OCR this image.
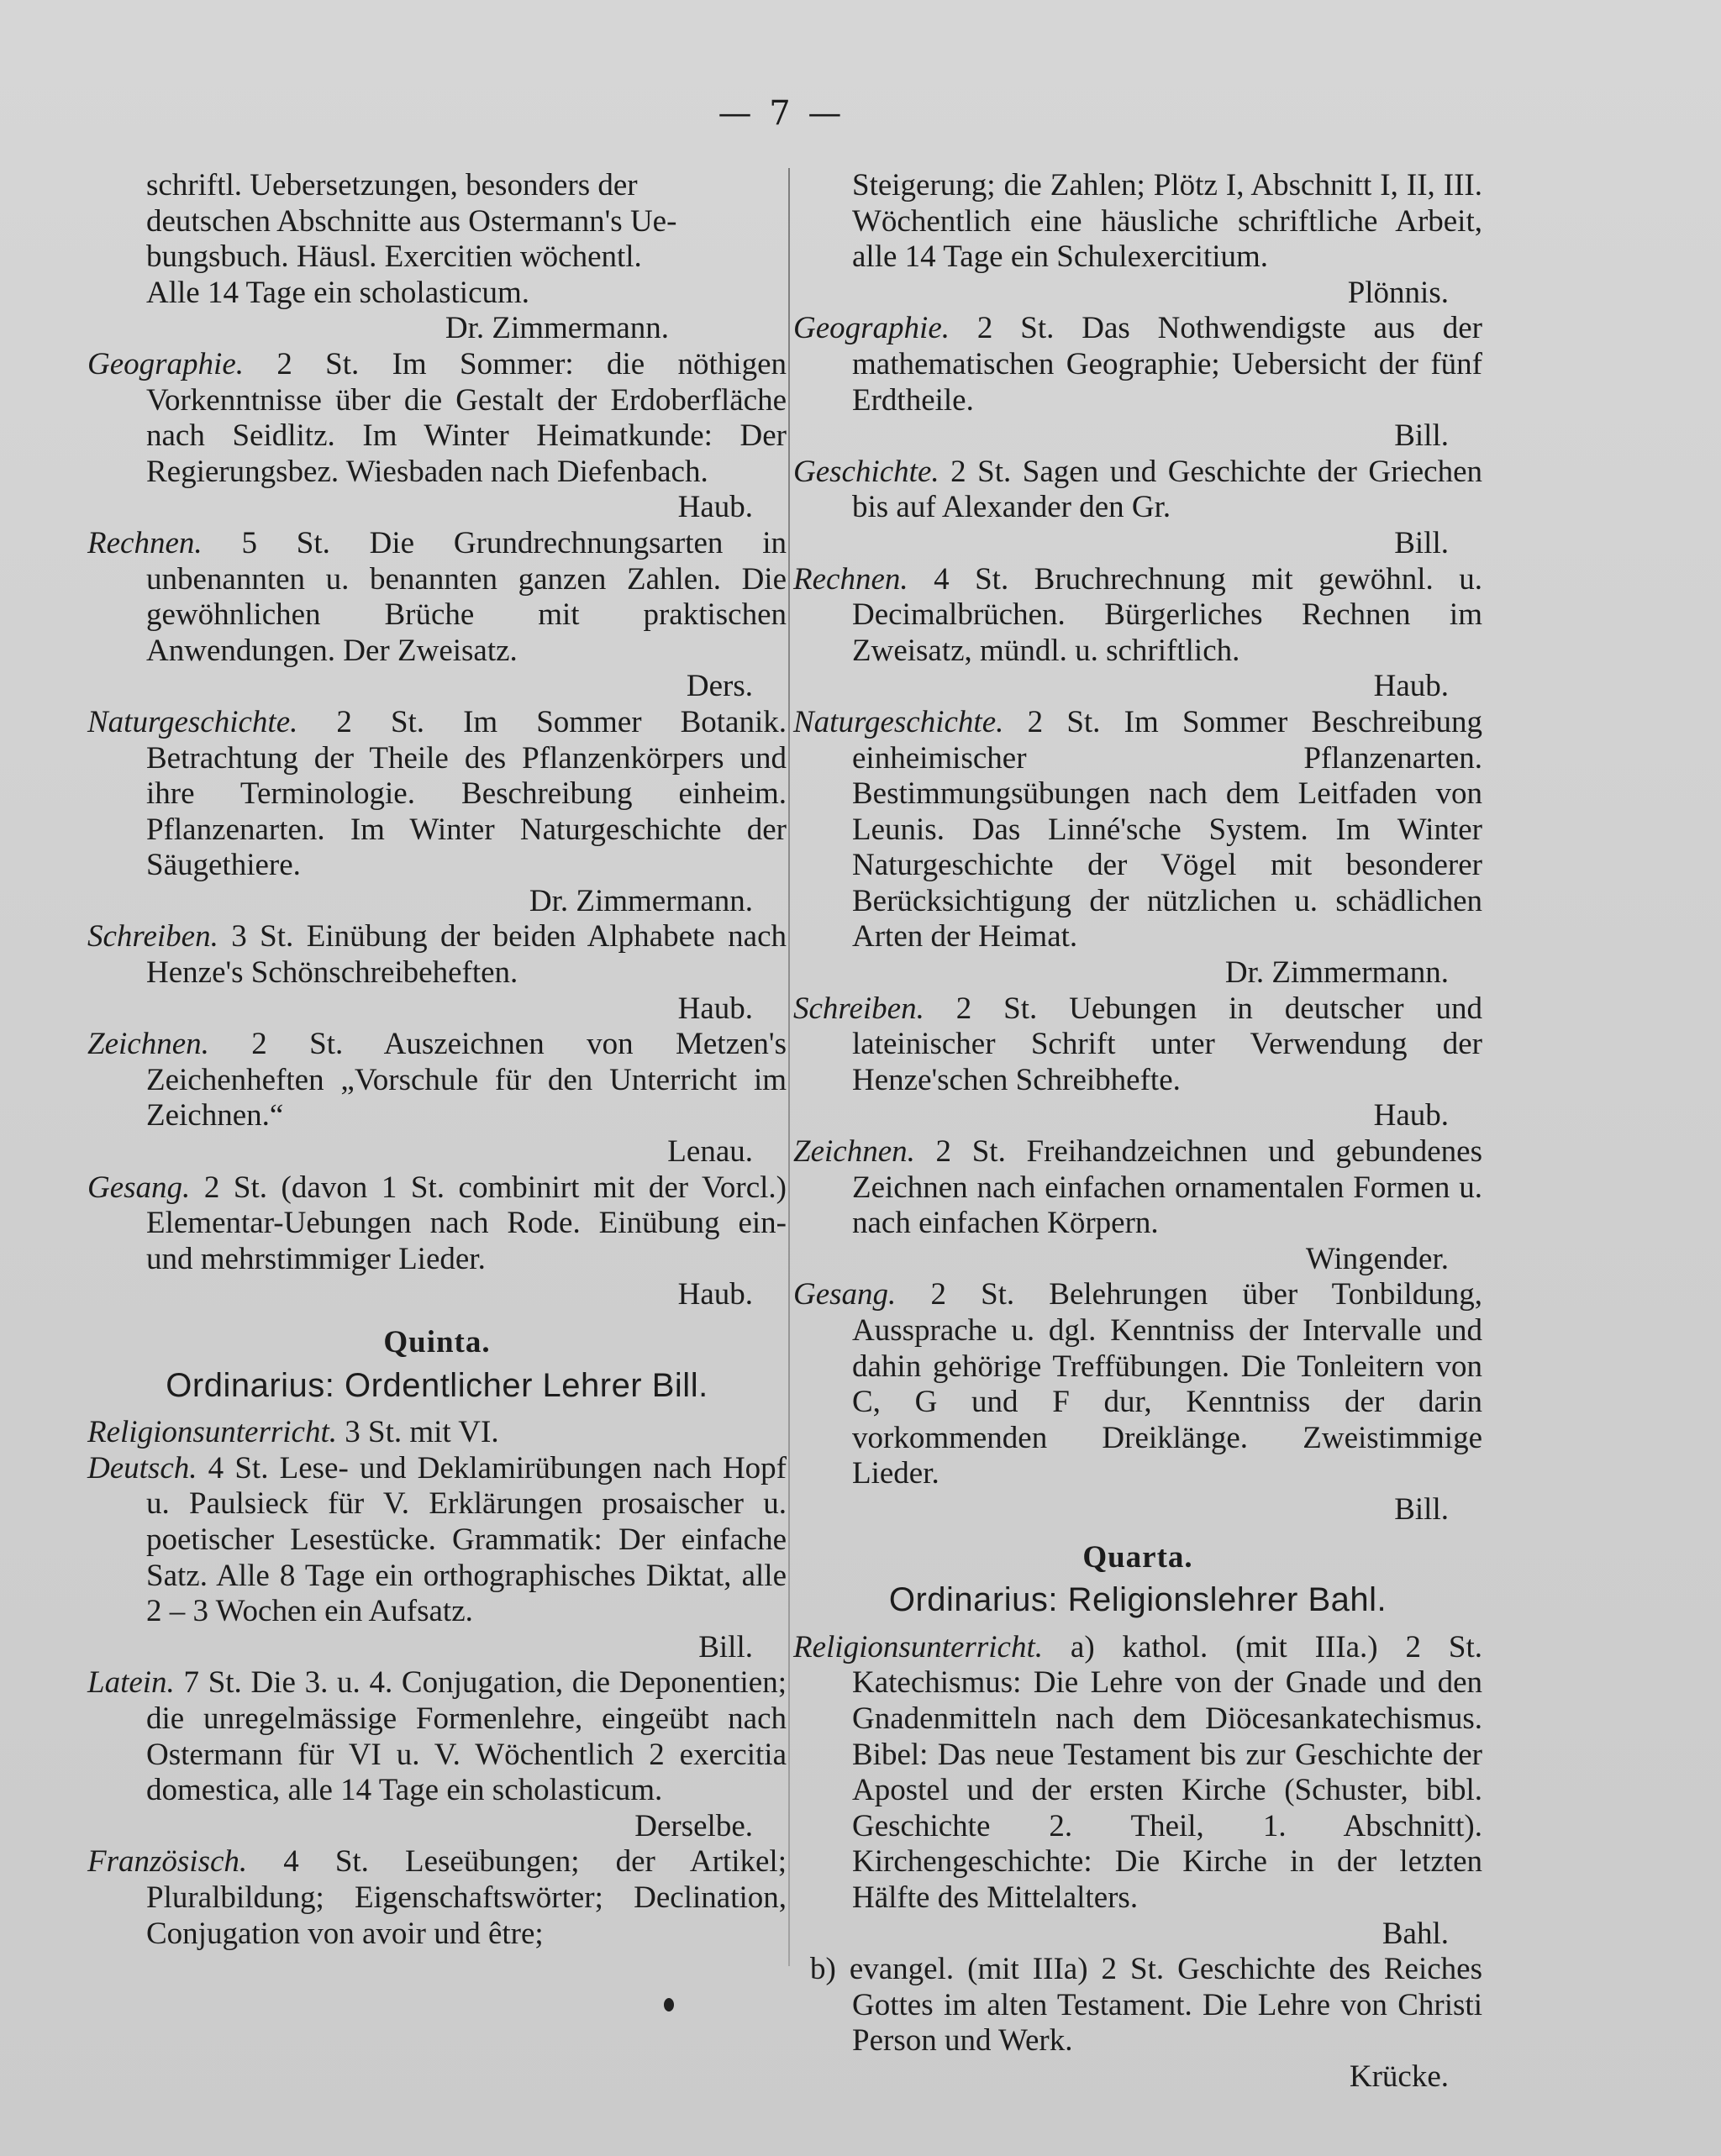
— 7 —

schriftl. Uebersetzungen, besonders der

deutschen Abschnitte aus Ostermann's Ue-

bungsbuch. Häusl. Exercitien wöchentl.

Alle 14 Tage ein scholasticum.

Dr. Zimmermann.

Geographie. 2 St. Im Sommer: die nöthigen Vorkenntnisse über die Gestalt der Erdoberfläche nach Seidlitz. Im Winter Heimatkunde: Der Regierungsbez. Wiesbaden nach Diefenbach.

Haub.

Rechnen. 5 St. Die Grundrechnungsarten in unbenannten u. benannten ganzen Zahlen. Die gewöhnlichen Brüche mit praktischen Anwendungen. Der Zweisatz.

Ders.

Naturgeschichte. 2 St. Im Sommer Botanik. Betrachtung der Theile des Pflanzenkörpers und ihre Terminologie. Beschreibung einheim. Pflanzenarten. Im Winter Naturgeschichte der Säugethiere.

Dr. Zimmermann.

Schreiben. 3 St. Einübung der beiden Alphabete nach Henze's Schönschreibeheften.

Haub.

Zeichnen. 2 St. Auszeichnen von Metzen's Zeichenheften „Vorschule für den Unterricht im Zeichnen.“

Lenau.

Gesang. 2 St. (davon 1 St. combinirt mit der Vorcl.) Elementar-Uebungen nach Rode. Einübung ein- und mehrstimmiger Lieder.

Haub.

Quinta.
Ordinarius: Ordentlicher Lehrer Bill.

Religionsunterricht. 3 St. mit VI.

Deutsch. 4 St. Lese- und Deklamirübungen nach Hopf u. Paulsieck für V. Erklärungen prosaischer u. poetischer Lesestücke. Grammatik: Der einfache Satz. Alle 8 Tage ein orthographisches Diktat, alle 2 – 3 Wochen ein Aufsatz.

Bill.

Latein. 7 St. Die 3. u. 4. Conjugation, die Deponentien; die unregelmässige Formenlehre, eingeübt nach Ostermann für VI u. V. Wöchentlich 2 exercitia domestica, alle 14 Tage ein scholasticum.

Derselbe.

Französisch. 4 St. Leseübungen; der Artikel; Pluralbildung; Eigenschaftswörter; Declination, Conjugation von avoir und être;

Steigerung; die Zahlen; Plötz I, Abschnitt I, II, III. Wöchentlich eine häusliche schriftliche Arbeit, alle 14 Tage ein Schulexercitium.

Plönnis.

Geographie. 2 St. Das Nothwendigste aus der mathematischen Geographie; Uebersicht der fünf Erdtheile.

Bill.

Geschichte. 2 St. Sagen und Geschichte der Griechen bis auf Alexander den Gr.

Bill.

Rechnen. 4 St. Bruchrechnung mit gewöhnl. u. Decimalbrüchen. Bürgerliches Rechnen im Zweisatz, mündl. u. schriftlich.

Haub.

Naturgeschichte. 2 St. Im Sommer Beschreibung einheimischer Pflanzenarten. Bestimmungsübungen nach dem Leitfaden von Leunis. Das Linné'sche System. Im Winter Naturgeschichte der Vögel mit besonderer Berücksichtigung der nützlichen u. schädlichen Arten der Heimat.

Dr. Zimmermann.

Schreiben. 2 St. Uebungen in deutscher und lateinischer Schrift unter Verwendung der Henze'schen Schreibhefte.

Haub.

Zeichnen. 2 St. Freihandzeichnen und gebundenes Zeichnen nach einfachen ornamentalen Formen u. nach einfachen Körpern.

Wingender.

Gesang. 2 St. Belehrungen über Tonbildung, Aussprache u. dgl. Kenntniss der Intervalle und dahin gehörige Treffübungen. Die Tonleitern von C, G und F dur, Kenntniss der darin vorkommenden Dreiklänge. Zweistimmige Lieder.

Bill.

Quarta.
Ordinarius: Religionslehrer Bahl.

Religionsunterricht. a) kathol. (mit IIIa.) 2 St. Katechismus: Die Lehre von der Gnade und den Gnadenmitteln nach dem Diöcesankatechismus. Bibel: Das neue Testament bis zur Geschichte der Apostel und der ersten Kirche (Schuster, bibl. Geschichte 2. Theil, 1. Abschnitt). Kirchengeschichte: Die Kirche in der letzten Hälfte des Mittelalters.

Bahl.

b) evangel. (mit IIIa) 2 St. Geschichte des Reiches Gottes im alten Testament. Die Lehre von Christi Person und Werk.

Krücke.
